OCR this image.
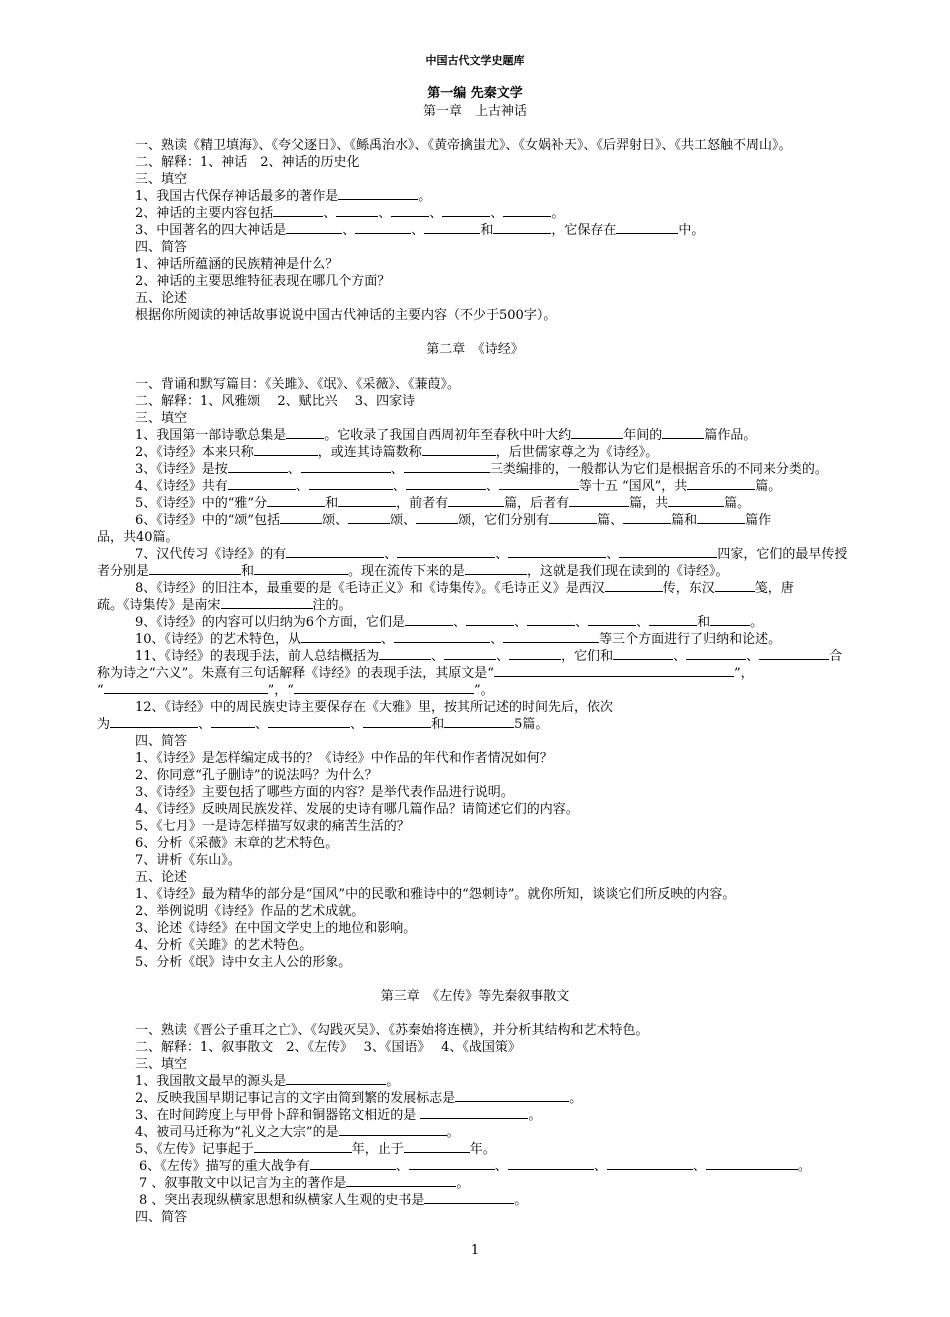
中国古代文学史题库
第一编 先秦文学
第一章　上古神话
一、熟读《精卫填海》、《夸父逐日》、《鲧禹治水》、《黄帝擒蚩尤》、《女娲补天》、《后羿射日》、《共工怒触不周山》。
二、解释：1、神话　2、神话的历史化
三、填空
1、我国古代保存神话最多的著作是	。
2、神话的主要内容包括	、	、	、	、	。
3、中国著名的四大神话是	、	、	和	，它保存在	中。
四、简答
1、神话所蕴涵的民族精神是什么？
2、神话的主要思维特征表现在哪几个方面？
五、论述
根据你所阅读的神话故事说说中国古代神话的主要内容（不少于500字）。
第二章　《诗经》
一、背诵和默写篇目：《关雎》、《氓》、《采薇》、《蒹葭》。
二、解释：1、风雅颂　 2、赋比兴　 3、四家诗
三、填空
1、我国第一部诗歌总集是	。它收录了我国自西周初年至春秋中叶大约	年间的	篇作品。
2、《诗经》本来只称	，或连其诗篇数称	，后世儒家尊之为《诗经》。
3、《诗经》是按	、	、	三类编排的，一般都认为它们是根据音乐的不同来分类的。
4、《诗经》共有	、	、	、	等十五 “国风”，共	篇。
5、《诗经》中的“雅”分	和	，前者有	篇，后者有	篇，共	篇。
6、《诗经》中的“颂”包括	颂、	颂、	颂，它们分别有	篇、	篇和	篇作
品，共40篇。
7、汉代传习《诗经》的有	、	、	、	四家，它们的最早传授
者分别是	和	。现在流传下来的是	，这就是我们现在读到的《诗经》。
8、《诗经》的旧注本，最重要的是《毛诗正义》和《诗集传》。《毛诗正义》是西汉	传，东汉	笺，唐
疏。《诗集传》是南宋	注的。
9、《诗经》的内容可以归纳为6个方面，它们是	、	、	、	、	和	。
10、《诗经》的艺术特色，从	、	、	等三个方面进行了归纳和论述。
11、《诗经》的表现手法，前人总结概括为	、	、	，它们和	、	、	合
称为诗之“六义”。朱熹有三句话解释《诗经》的表现手法，其原文是“	”，
“	”，“	”。
12、《诗经》中的周民族史诗主要保存在《大雅》里，按其所记述的时间先后，依次
为	、	、	、	和	5篇。
四、简答
1、《诗经》是怎样编定成书的？《诗经》中作品的年代和作者情况如何？
2、你同意“孔子删诗”的说法吗？为什么？
3、《诗经》主要包括了哪些方面的内容？是举代表作品进行说明。
4、《诗经》反映周民族发祥、发展的史诗有哪几篇作品？请简述它们的内容。
5、《七月》一是诗怎样描写奴隶的痛苦生活的？
6、分析《采薇》末章的艺术特色。
7、讲析《东山》。
五、论述
1、《诗经》最为精华的部分是“国风”中的民歌和雅诗中的“怨刺诗”。就你所知，谈谈它们所反映的内容。
2、举例说明《诗经》作品的艺术成就。
3、论述《诗经》在中国文学史上的地位和影响。
4、分析《关雎》的艺术特色。
5、分析《氓》诗中女主人公的形象。
第三章　《左传》等先秦叙事散文
一、熟读《晋公子重耳之亡》、《勾践灭吴》、《苏秦始将连横》，并分析其结构和艺术特色。
二、解释：1、叙事散文　2、《左传》　 3、《国语》　 4、《战国策》
三、填空
1、我国散文最早的源头是	。
2、反映我国早期记事记言的文字由简到繁的发展标志是	。
3、在时间跨度上与甲骨卜辞和铜器铭文相近的是	。
4、被司马迁称为“礼义之大宗”的是	。
5、《左传》记事起于	年，止于	年。
6、《左传》描写的重大战争有	、	、	、	、	。
7 、叙事散文中以记言为主的著作是	。
8 、突出表现纵横家思想和纵横家人生观的史书是	。
四、简答
1
